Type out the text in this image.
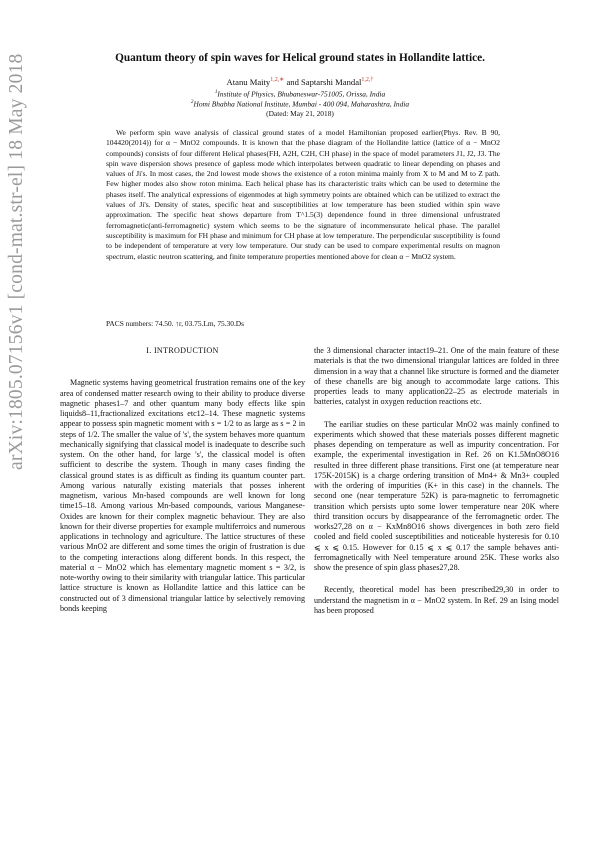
arXiv:1805.07156v1 [cond-mat.str-el] 18 May 2018	Quantum theory of spin waves for Helical ground states in Hollandite lattice.
Atanu Maity$^{1,2,∗}$ and Saptarshi Mandal$^{1,2,\dagger}$
$^1$Institute of Physics, Bhubaneswar-751005, Orissa, India
$^2$Homi Bhabha National Institute, Mumbai - 400 094, Maharashtra, India
(Dated: May 21, 2018)
We perform spin wave analysis of classical ground states of a model Hamiltonian proposed earlier(Phys. Rev. B 90, 104420(2014)) for α − MnO2 compounds. It is known that the phase diagram of the Hollandite lattice (lattice of α − MnO2 compounds) consists of four different Helical phases(FH, A2H, C2H, CH phase) in the space of model parameters J1, J2, J3. The spin wave dispersion shows presence of gapless mode which interpolates between quadratic to linear depending on phases and values of Ji's. In most cases, the 2nd lowest mode shows the existence of a roton minima mainly from X to M and M to Z path. Few higher modes also show roton minima. Each helical phase has its characteristic traits which can be used to determine the phases itself. The analytical expressions of eigenmodes at high symmetry points are obtained which can be utilized to extract the values of Ji's. Density of states, specific heat and susceptibilities at low temperature has been studied within spin wave approximation. The specific heat shows departure from T^1.5(3) dependence found in three dimensional unfrustrated ferromagnetic(anti-ferromagnetic) system which seems to be the signature of incommensurate helical phase. The parallel susceptibility is maximum for FH phase and minimum for CH phase at low temperature. The perpendicular susceptibility is found to be independent of temperature at very low temperature. Our study can be used to compare experimental results on magnon spectrum, elastic neutron scattering, and finite temperature properties mentioned above for clean α − MnO2 system.
PACS numbers: 74.50. ↑r, 03.75.Lm, 75.30.Ds
I. INTRODUCTION
Magnetic systems having geometrical frustration remains one of the key area of condensed matter research owing to their ability to produce diverse magnetic phases1–7 and other quantum many body effects like spin liquids8–11,fractionalized excitations etc12–14. These magnetic systems appear to possess spin magnetic moment with s = 1/2 to as large as s = 2 in steps of 1/2. The smaller the value of 's', the system behaves more quantum mechanically signifying that classical model is inadequate to describe such system. On the other hand, for large 's', the classical model is often sufficient to describe the system. Though in many cases finding the classical ground states is as difficult as finding its quantum counter part. Among various naturally existing materials that posses inherent magnetism, various Mn-based compounds are well known for long time15–18. Among various Mn-based compounds, various Manganese-Oxides are known for their complex magnetic behaviour. They are also known for their diverse properties for example multiferroics and numerous applications in technology and agriculture. The lattice structures of these various MnO2 are different and some times the origin of frustration is due to the competing interactions along different bonds. In this respect, the material α − MnO2 which has elementary magnetic moment s = 3/2, is note-worthy owing to their similarity with triangular lattice. This particular lattice structure is known as Hollandite lattice and this lattice can be constructed out of 3 dimensional triangular lattice by selectively removing bonds keeping
the 3 dimensional character intact19–21. One of the main feature of these materials is that the two dimensional triangular lattices are folded in three dimension in a way that a channel like structure is formed and the diameter of these chanells are big anough to accommodate large cations. This properties leads to many application22–25 as electrode materials in batteries, catalyst in oxygen reduction reactions etc.
The eariliar studies on these particular MnO2 was mainly confined to experiments which showed that these materials posses different magnetic phases depending on temperature as well as impurity concentration. For example, the experimental investigation in Ref. 26 on K1.5MnO8O16 resulted in three different phase transitions. First one (at temperature near 175K-2015K) is a charge ordering transition of Mn4+ & Mn3+ coupled with the ordering of impurities (K+ in this case) in the channels. The second one (near temperature 52K) is para-magnetic to ferromagnetic transition which persists upto some lower temperature near 20K where third transition occurs by disappearance of the ferromagnetic order. The works27,28 on α − KxMn8O16 shows divergences in both zero field cooled and field cooled susceptibilities and noticeable hysteresis for 0.10 ⩽ x ⩽ 0.15. However for 0.15 ⩽ x ⩽ 0.17 the sample behaves anti-ferromagnetically with Neel temperature around 25K. These works also show the presence of spin glass phases27,28.
Recently, theoretical model has been prescribed29,30 in order to understand the magnetism in α − MnO2 system. In Ref. 29 an Ising model has been proposed
